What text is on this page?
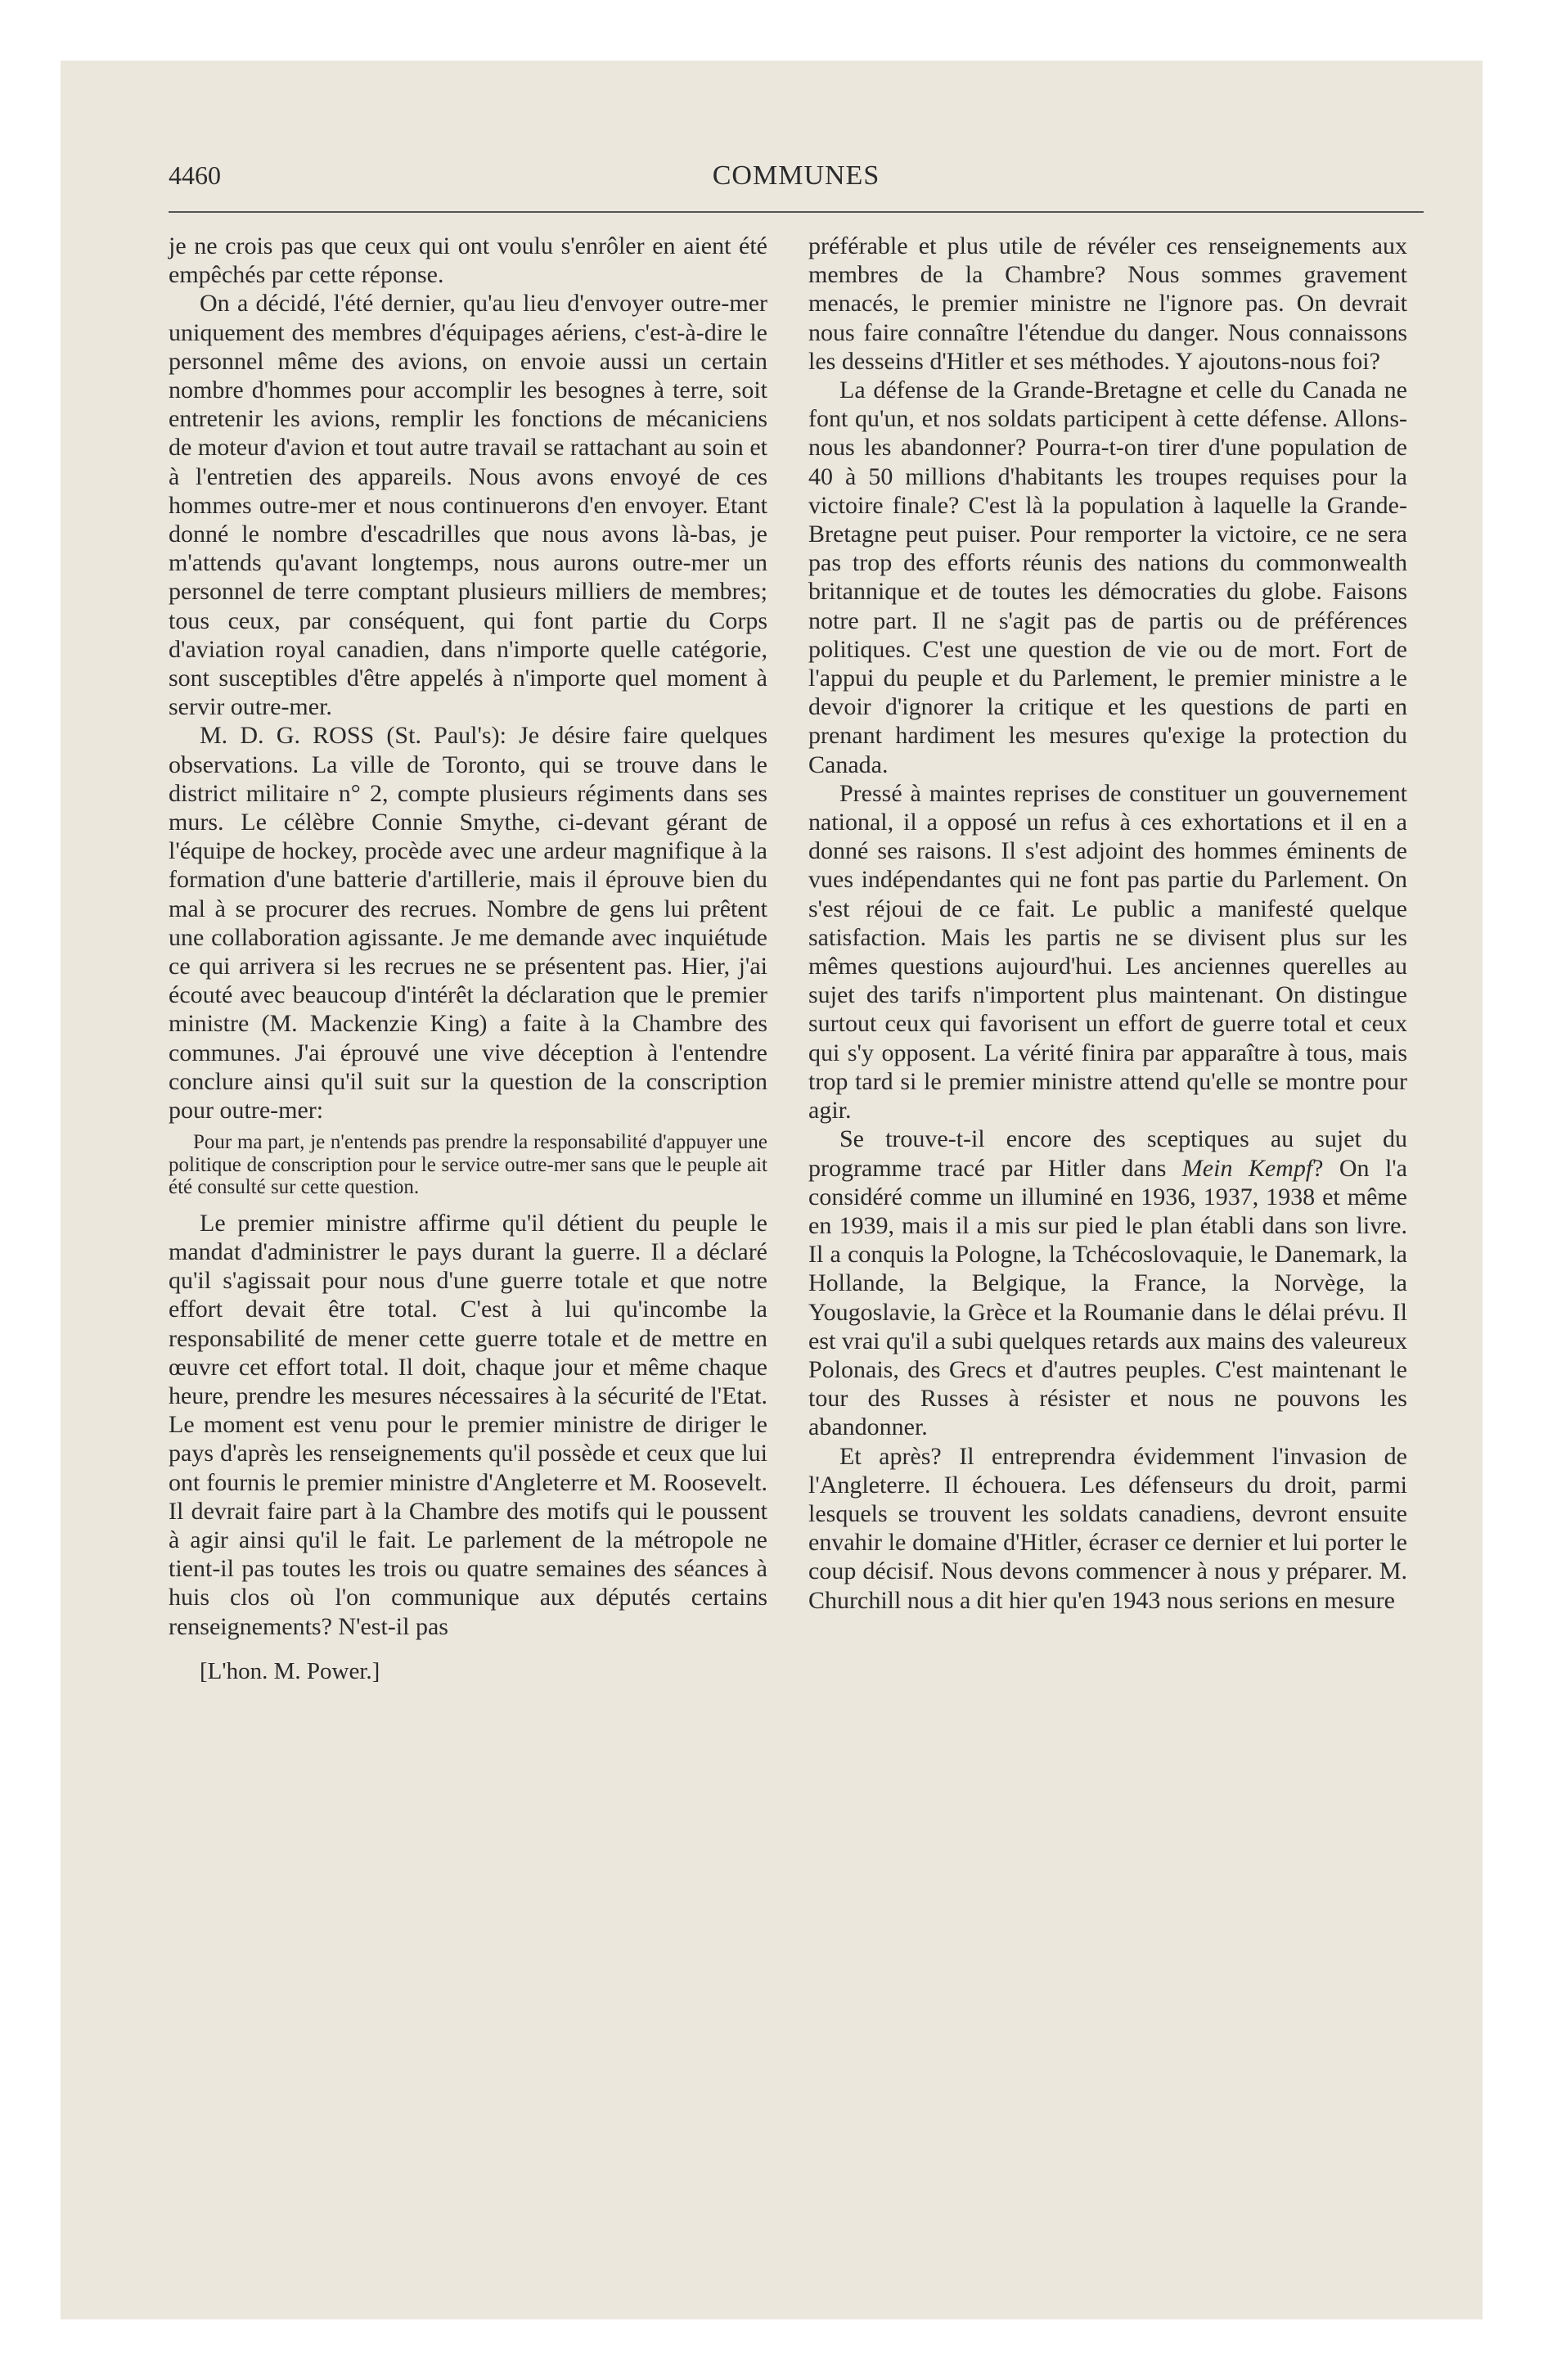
4460	COMMUNES

je ne crois pas que ceux qui ont voulu s'enrôler en aient été empêchés par cette réponse.

On a décidé, l'été dernier, qu'au lieu d'envoyer outre-mer uniquement des membres d'équipages aériens, c'est-à-dire le personnel même des avions, on envoie aussi un certain nombre d'hommes pour accomplir les besognes à terre, soit entretenir les avions, remplir les fonctions de mécaniciens de moteur d'avion et tout autre travail se rattachant au soin et à l'entretien des appareils. Nous avons envoyé de ces hommes outre-mer et nous continuerons d'en envoyer. Etant donné le nombre d'escadrilles que nous avons là-bas, je m'attends qu'avant longtemps, nous aurons outre-mer un personnel de terre comptant plusieurs milliers de membres; tous ceux, par conséquent, qui font partie du Corps d'aviation royal canadien, dans n'importe quelle catégorie, sont susceptibles d'être appelés à n'importe quel moment à servir outre-mer.

M. D. G. ROSS (St. Paul's): Je désire faire quelques observations. La ville de Toronto, qui se trouve dans le district militaire n° 2, compte plusieurs régiments dans ses murs. Le célèbre Connie Smythe, ci-devant gérant de l'équipe de hockey, procède avec une ardeur magnifique à la formation d'une batterie d'artillerie, mais il éprouve bien du mal à se procurer des recrues. Nombre de gens lui prêtent une collaboration agissante. Je me demande avec inquiétude ce qui arrivera si les recrues ne se présentent pas. Hier, j'ai écouté avec beaucoup d'intérêt la déclaration que le premier ministre (M. Mackenzie King) a faite à la Chambre des communes. J'ai éprouvé une vive déception à l'entendre conclure ainsi qu'il suit sur la question de la conscription pour outre-mer:

Pour ma part, je n'entends pas prendre la responsabilité d'appuyer une politique de conscription pour le service outre-mer sans que le peuple ait été consulté sur cette question.

Le premier ministre affirme qu'il détient du peuple le mandat d'administrer le pays durant la guerre. Il a déclaré qu'il s'agissait pour nous d'une guerre totale et que notre effort devait être total. C'est à lui qu'incombe la responsabilité de mener cette guerre totale et de mettre en œuvre cet effort total. Il doit, chaque jour et même chaque heure, prendre les mesures nécessaires à la sécurité de l'Etat. Le moment est venu pour le premier ministre de diriger le pays d'après les renseignements qu'il possède et ceux que lui ont fournis le premier ministre d'Angleterre et M. Roosevelt. Il devrait faire part à la Chambre des motifs qui le poussent à agir ainsi qu'il le fait. Le parlement de la métropole ne tient-il pas toutes les trois ou quatre semaines des séances à huis clos où l'on communique aux députés certains renseignements? N'est-il pas

[L'hon. M. Power.]

préférable et plus utile de révéler ces renseignements aux membres de la Chambre? Nous sommes gravement menacés, le premier ministre ne l'ignore pas. On devrait nous faire connaître l'étendue du danger. Nous connaissons les desseins d'Hitler et ses méthodes. Y ajoutons-nous foi?

La défense de la Grande-Bretagne et celle du Canada ne font qu'un, et nos soldats participent à cette défense. Allons-nous les abandonner? Pourra-t-on tirer d'une population de 40 à 50 millions d'habitants les troupes requises pour la victoire finale? C'est là la population à laquelle la Grande-Bretagne peut puiser. Pour remporter la victoire, ce ne sera pas trop des efforts réunis des nations du commonwealth britannique et de toutes les démocraties du globe. Faisons notre part. Il ne s'agit pas de partis ou de préférences politiques. C'est une question de vie ou de mort. Fort de l'appui du peuple et du Parlement, le premier ministre a le devoir d'ignorer la critique et les questions de parti en prenant hardiment les mesures qu'exige la protection du Canada.

Pressé à maintes reprises de constituer un gouvernement national, il a opposé un refus à ces exhortations et il en a donné ses raisons. Il s'est adjoint des hommes éminents de vues indépendantes qui ne font pas partie du Parlement. On s'est réjoui de ce fait. Le public a manifesté quelque satisfaction. Mais les partis ne se divisent plus sur les mêmes questions aujourd'hui. Les anciennes querelles au sujet des tarifs n'importent plus maintenant. On distingue surtout ceux qui favorisent un effort de guerre total et ceux qui s'y opposent. La vérité finira par apparaître à tous, mais trop tard si le premier ministre attend qu'elle se montre pour agir.

Se trouve-t-il encore des sceptiques au sujet du programme tracé par Hitler dans Mein Kempf? On l'a considéré comme un illuminé en 1936, 1937, 1938 et même en 1939, mais il a mis sur pied le plan établi dans son livre. Il a conquis la Pologne, la Tchécoslovaquie, le Danemark, la Hollande, la Belgique, la France, la Norvège, la Yougoslavie, la Grèce et la Roumanie dans le délai prévu. Il est vrai qu'il a subi quelques retards aux mains des valeureux Polonais, des Grecs et d'autres peuples. C'est maintenant le tour des Russes à résister et nous ne pouvons les abandonner.

Et après? Il entreprendra évidemment l'invasion de l'Angleterre. Il échouera. Les défenseurs du droit, parmi lesquels se trouvent les soldats canadiens, devront ensuite envahir le domaine d'Hitler, écraser ce dernier et lui porter le coup décisif. Nous devons commencer à nous y préparer. M. Churchill nous a dit hier qu'en 1943 nous serions en mesure
